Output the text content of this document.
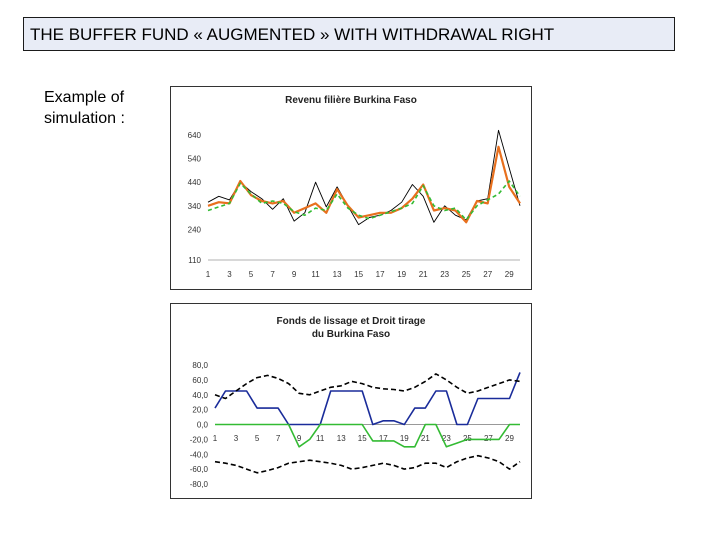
THE BUFFER FUND « AUGMENTED » WITH WITHDRAWAL RIGHT
Example of
simulation :
Revenu filière Burkina Faso
640
540
440
340
240
110
1 3 5 7 9 11 13 15 17 19 21 23 25 27 29
Fonds de lissage et Droit tirage
du Burkina Faso
80,0
60,0
40,0
20,0
0,0
-20,0
-40,0
-60,0
-80,0
1 3 5 7 9 11 13 15 17 19 21 23 25 27 29
